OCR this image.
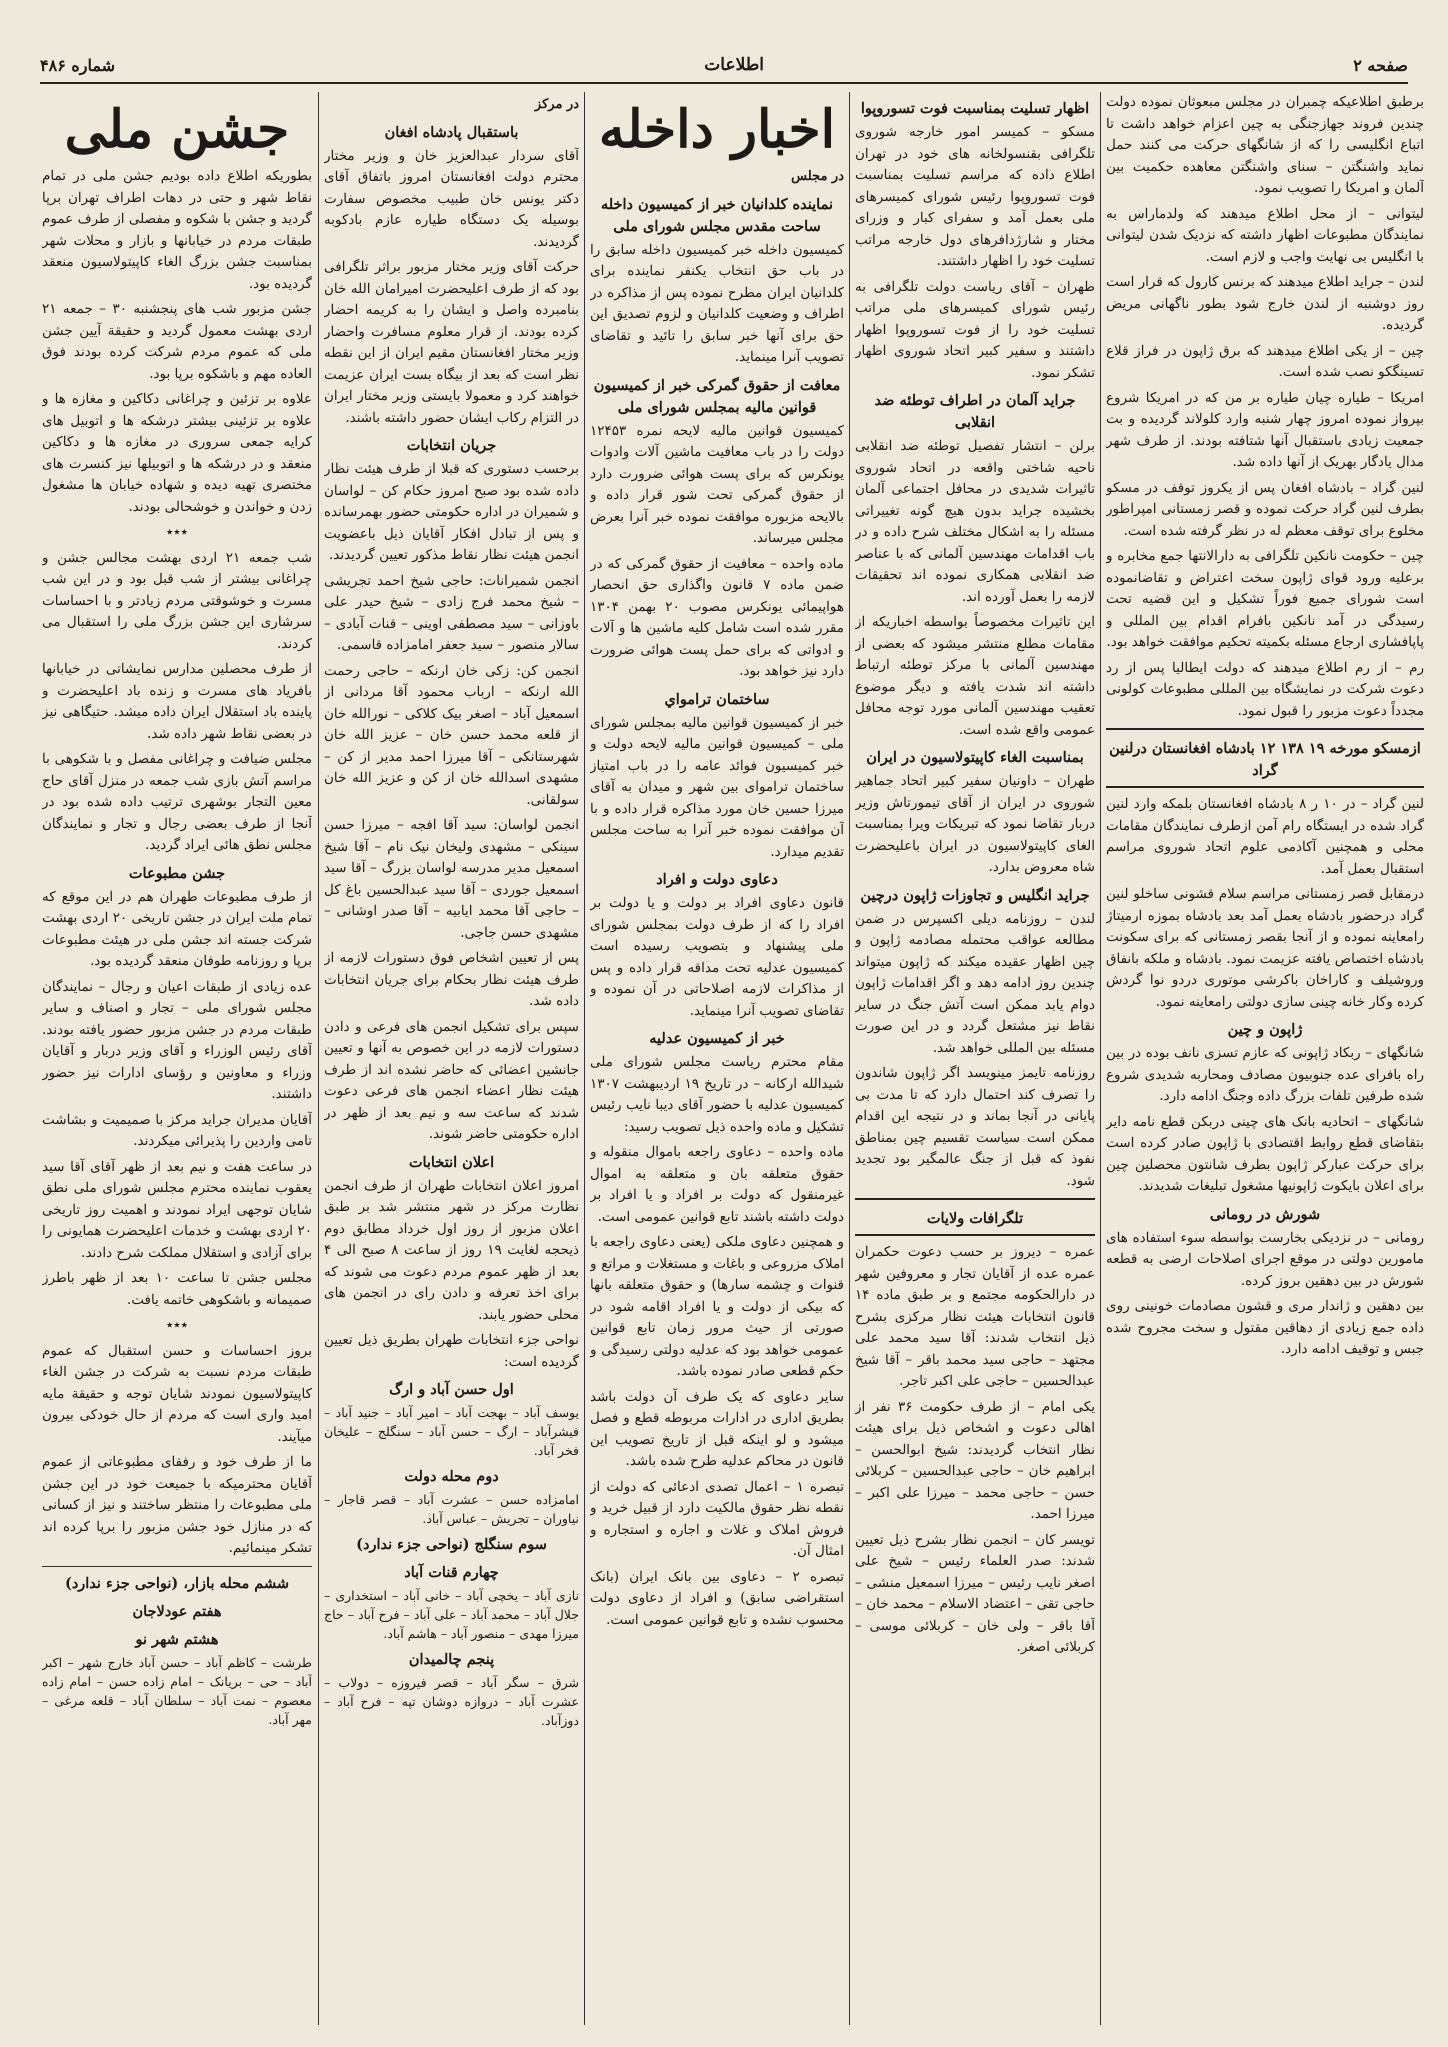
صفحه ۲
اطلاعات
شماره ۴۸۶

برطبق اطلاعیکه چمبران در مجلس مبعوثان نموده دولت چندین فروند جهازجنگی به چین اعزام خواهد داشت تا اتباع انگلیسی را که از شانگهای حرکت می کنند حمل نماید واشنگتن – سنای واشنگتن معاهده حکمیت بین آلمان و امریکا را تصویب نمود.

لیتوانی – از محل اطلاع میدهند که ولدماراس به نمایندگان مطبوعات اظهار داشته که نزدیک شدن لیتوانی با انگلیس بی نهایت واجب و لازم است.

لندن – جراید اطلاع میدهند که برنس کارول که قرار است روز دوشنبه از لندن خارج شود بطور ناگهانی مریض گردیده.

چین – از یکی اطلاع میدهند که برق ژاپون در فراز قلاع تسینگکو نصب شده است.

امریکا – طیاره چیان طیاره بر من که در امریکا شروع بپرواز نموده امروز چهار شنبه وارد کلولاند گردیده و بت جمعیت زیادی باستقبال آنها شتافته بودند. از طرف شهر مدال یادگار بهریک از آنها داده شد.

لنین گراد – بادشاه افغان پس از یکروز توقف در مسکو بطرف لنین گراد حرکت نموده و قصر زمستانی امپراطور مخلوع برای توقف معظم له در نظر گرفته شده است.

چین – حکومت نانکین تلگرافی به دارالانتها جمع مخابره و برعلیه ورود قوای ژاپون سخت اعتراض و تقاضانموده است شورای جمیع فوراً تشکیل و این قضیه تحت رسیدگی در آمد نانکین بافرام اقدام بین المللی و پاپافشاری ارجاع مسئله بکمیته تحکیم موافقت خواهد بود.

رم – از رم اطلاع میدهند که دولت ایطالیا پس از رد دعوت شرکت در نمایشگاه بین المللی مطبوعات کولونی مجدداً دعوت مزبور را قبول نمود.

ازمسکو مورخه ۱۹ ۱۳۸ ۱۲ بادشاه افغانستان درلنین گراد

لنین گراد – در ۱۰ ر ۸ بادشاه افغانستان بلمکه وارد لنین گراد شده در ایستگاه رام آمن ازطرف نمایندگان مقامات محلی و همچنین آکادمی علوم اتحاد شوروی مراسم استقبال بعمل آمد.

درمقابل قصر زمستانی مراسم سلام قشونی ساخلو لنین گراد درحضور بادشاه بعمل آمد بعد بادشاه بموزه ارمیتاژ رامعاینه نموده و از آنجا بقصر زمستانی که برای سکونت بادشاه اختصاص یافته عزیمت نمود. بادشاه و ملکه بانفاق وروشیلف و کاراخان باکرشی موتوری دردو نوا گردش کرده وکار خانه چینی سازی دولتی رامعاینه نمود.

ژاپون و چین

شانگهای – ربکاد ژاپونی که عازم تسزی نانف بوده در بین راه بافرای عده جنوبیون مصادف ومحاربه شدیدی شروع شده طرفین تلفات بزرگ داده وجنگ ادامه دارد.

شانگهای – اتحادیه بانک های چینی دربکن قطع نامه دایر بتقاضای قطع روابط اقتصادی با ژاپون صادر کرده است برای حرکت عبارکر ژاپون بطرف شانتون محصلین چین برای اعلان بایکوت ژاپونیها مشغول تبلیغات شدیدند.

شورش در رومانی

رومانی – در نزدیکی بخارست بواسطه سوء استفاده های مامورین دولتی در موقع اجرای اصلاحات ارضی به قطعه شورش در بین دهقین بروز کرده.

بین دهقین و ژاندار مری و قشون مصادمات خونینی روی داده جمع زیادی از دهاقین مقتول و سخت مجروح شده جبس و توقیف ادامه دارد.

اظهار تسلیت بمناسبت فوت تسوروپوا

مسکو – کمیسر امور خارجه شوروی تلگرافی بقنسولخانه های خود در تهران اطلاع داده که مراسم تسلیت بمناسبت فوت تسوروپوا رئیس شورای کمیسرهای ملی بعمل آمد و سفرای کبار و وزرای مختار و شارژدافرهای دول خارجه مراتب تسلیت خود را اظهار داشتند.

طهران – آقای ریاست دولت تلگرافی به رئیس شورای کمیسرهای ملی مراتب تسلیت خود را از فوت تسوروپوا اظهار داشتند و سفیر کبیر اتحاد شوروی اظهار تشکر نمود.

جراید آلمان در اطراف توطئه ضد انقلابی

برلن – انتشار تفصیل توطئه ضد انقلابی ناحیه شاختی واقعه در اتحاد شوروی تاثیرات شدیدی در محافل اجتماعی آلمان بخشیده جراید بدون هیچ گونه تغییراتی مسئله را به اشکال مختلف شرح داده و در باب اقدامات مهندسین آلمانی که با عناصر ضد انقلابی همکاری نموده اند تحقیقات لازمه را بعمل آورده اند.

این تاثیرات مخصوصاً بواسطه اخباریکه از مقامات مطلع منتشر میشود که بعضی از مهندسین آلمانی با مرکز توطئه ارتباط داشته اند شدت یافته و دیگر موضوع تعقیب مهندسین آلمانی مورد توجه محافل عمومی واقع شده است.

بمناسبت الغاء کاپیتولاسیون در ایران

طهران – داونیان سفیر کبیر اتحاد جماهیر شوروی در ایران از آقای تیمورتاش وزیر دربار تقاضا نمود که تبریکات ویرا بمناسبت الغای کاپیتولاسیون در ایران باعلیحضرت شاه معروض بدارد.

جراید انگلیس و تجاوزات ژاپون درچین

لندن – روزنامه دیلی اکسپرس در ضمن مطالعه عواقب محتمله مصادمه ژاپون و چین اظهار عقیده میکند که ژاپون میتواند چندین روز ادامه دهد و اگر اقدامات ژاپون دوام یابد ممکن است آتش جنگ در سایر نقاط نیز مشتعل گردد و در این صورت مسئله بین المللی خواهد شد.

روزنامه تایمز مینویسد اگر ژاپون شاندون را تصرف کند احتمال دارد که تا مدت بی پایانی در آنجا بماند و در نتیجه این اقدام ممکن است سیاست تقسیم چین بمناطق نفوذ که قبل از جنگ عالمگیر بود تجدید شود.

تلگرافات ولایات

عمره – دیروز بر حسب دعوت حکمران عمره عده از آقایان تجار و معروفین شهر در دارالحکومه مجتمع و بر طبق ماده ۱۴ قانون انتخابات هیئت نظار مرکزی بشرح ذیل انتخاب شدند: آقا سید محمد علی مجتهد – حاجی سید محمد باقر – آقا شیخ عبدالحسین – حاجی علی اکبر تاجر.

یکی امام – از طرف حکومت ۳۶ نفر از اهالی دعوت و اشخاص ذیل برای هیئت نظار انتخاب گردیدند: شیخ ابوالحسن – ابراهیم خان – حاجی عبدالحسین – کربلائی حسن – حاجی محمد – میرزا علی اکبر – میرزا احمد.

تویسر کان – انجمن نظار بشرح ذیل تعیین شدند: صدر العلماء رئیس – شیخ علی اصغر نایب رئیس – میرزا اسمعیل منشی – حاجی تقی – اعتضاد الاسلام – محمد خان – آقا باقر – ولی خان – کربلائی موسی – کربلائی اصغر.

اخبار داخله
در مجلس
نماینده کلدانیان خبر از کمیسیون داخله ساحت مقدس مجلس شورای ملی

کمیسیون داخله خبر کمیسیون داخله سابق را در باب حق انتخاب یکنفر نماینده برای کلدانیان ایران مطرح نموده پس از مذاکره در اطراف و وضعیت کلدانیان و لزوم تصدیق این حق برای آنها خبر سابق را تائید و تقاضای تصویب آنرا مینماید.

معافت از حقوق گمرکی خبر از کمیسیون قوانین مالیه بمجلس شورای ملی

کمیسیون قوانین مالیه لایحه نمره ۱۲۴۵۳ دولت را در باب معافیت ماشین آلات وادوات یونکرس که برای پست هوائی ضرورت دارد از حقوق گمرکی تحت شور قرار داده و بالایحه مزبوره موافقت نموده خبر آنرا بعرض مجلس میرساند.

ماده واحده – معافیت از حقوق گمرکی که در ضمن ماده ۷ قانون واگذاری حق انحصار هواپیمائی یونکرس مصوب ۲۰ بهمن ۱۳۰۴ مقرر شده است شامل کلیه ماشین ها و آلات و ادواتی که برای حمل پست هوائی ضرورت دارد نیز خواهد بود.

ساختمان ترامواي

خبر از کمیسیون قوانین مالیه بمجلس شورای ملی – کمیسیون قوانین مالیه لایحه دولت و خبر کمیسیون فوائد عامه را در باب امتیاز ساختمان تراموای بین شهر و میدان به آقای میرزا حسین خان مورد مذاکره قرار داده و با آن موافقت نموده خبر آنرا به ساحت مجلس تقدیم میدارد.

دعاوی دولت و افراد

قانون دعاوی افراد بر دولت و یا دولت بر افراد را که از طرف دولت بمجلس شورای ملی پیشنهاد و بتصویب رسیده است کمیسیون عدلیه تحت مداقه قرار داده و پس از مذاکرات لازمه اصلاحاتی در آن نموده و تقاضای تصویب آنرا مینماید.

خبر از کمیسیون عدلیه

مقام محترم ریاست مجلس شورای ملی شیدالله ارکانه – در تاریخ ۱۹ اردیبهشت ۱۳۰۷ کمیسیون عدلیه با حضور آقای دیبا نایب رئیس تشکیل و ماده واحده ذیل تصویب رسید:

ماده واحده – دعاوی راجعه باموال منقوله و حقوق متعلقه بان و متعلقه به اموال غیرمنقول که دولت بر افراد و یا افراد بر دولت داشته باشند تابع قوانین عمومی است.

و همچنین دعاوی ملکی (یعنی دعاوی راجعه با املاک مزروعی و باغات و مستغلات و مراتع و قنوات و چشمه سارها) و حقوق متعلقه بانها که بیکی از دولت و یا افراد اقامه شود در صورتی از حیث مرور زمان تابع قوانین عمومی خواهد بود که عدلیه دولتی رسیدگی و حکم قطعی صادر نموده باشد.

سایر دعاوی که یک طرف آن دولت باشد بطریق اداری در ادارات مربوطه قطع و فصل میشود و لو اینکه قبل از تاریخ تصویب این قانون در محاکم عدلیه طرح شده باشد.

تبصره ۱ – اعمال تصدی ادعائی که دولت از نقطه نظر حقوق مالکیت دارد از قبیل خرید و فروش املاک و غلات و اجاره و استجاره و امثال آن.

تبصره ۲ – دعاوی بین بانک ایران (بانک استقراضی سابق) و افراد از دعاوی دولت محسوب نشده و تابع قوانین عمومی است.

در مرکز
باستقبال پادشاه افغان

آقای سردار عبدالعزیز خان و وزیر مختار محترم دولت افغانستان امروز باتفاق آقای دکتر یونس خان طبیب مخصوص سفارت بوسیله یک دستگاه طیاره عازم بادکوبه گردیدند.

حرکت آقای وزیر مختار مزبور براثر تلگرافی بود که از طرف اعلیحضرت امیرامان الله خان بنامبرده واصل و ایشان را به کریمه احضار کرده بودند. از قرار معلوم مسافرت واحضار وزیر مختار افغانستان مقیم ایران از این نقطه نظر است که بعد از بیگاه بست ایران عزیمت خواهند کرد و معمولا بایستی وزیر مختار ایران در التزام رکاب ایشان حضور داشته باشند.

جریان انتخابات

برحسب دستوری که قبلا از طرف هیئت نظار داده شده بود صبح امروز حکام کن – لواسان و شمیران در اداره حکومتی حضور بهمرسانده و پس از تبادل افکار آقایان ذیل باعضویت انجمن هیئت نظار نقاط مذکور تعیین گردیدند.

انجمن شمیرانات: حاجی شیخ احمد تجریشی – شیخ محمد فرج زادی – شیخ حیدر علی باوزانی – سید مصطفی اوینی – قنات آبادی – سالار منصور – سید جعفر امامزاده قاسمی.

انجمن کن: زکی خان ارنکه – حاجی رحمت الله ارنکه – ارباب محمود آقا مردانی از اسمعیل آباد – اصغر بیک کلاکی – نورالله خان از قلعه محمد حسن خان – عزیز الله خان شهرستانکی – آقا میرزا احمد مدیر از کن – مشهدی اسدالله خان از کن و عزیز الله خان سولقانی.

انجمن لواسان: سید آقا افجه – میرزا حسن سینکی – مشهدی ولیخان نیک نام – آقا شیخ اسمعیل مدیر مدرسه لواسان بزرگ – آقا سید اسمعیل جوردی – آقا سید عبدالحسین باغ کل – حاجی آقا محمد ایابیه – آقا صدر اوشانی – مشهدی حسن جاجی.

پس از تعیین اشخاص فوق دستورات لازمه از طرف هیئت نظار بحکام برای جریان انتخابات داده شد.

سپس برای تشکیل انجمن های فرعی و دادن دستورات لازمه در این خصوص به آنها و تعیین جانشین اعضائی که حاضر نشده اند از طرف هیئت نظار اعضاء انجمن های فرعی دعوت شدند که ساعت سه و نیم بعد از ظهر در اداره حکومتی حاضر شوند.

اعلان انتخابات

امروز اعلان انتخابات طهران از طرف انجمن نظارت مرکز در شهر منتشر شد بر طبق اعلان مزبور از روز اول خرداد مطابق دوم ذیحجه لغایت ۱۹ روز از ساعت ۸ صبح الی ۴ بعد از ظهر عموم مردم دعوت می شوند که برای اخذ تعرفه و دادن رای در انجمن های محلی حضور یابند.

نواحی جزء انتخابات طهران بطریق ذیل تعیین گردیده است:

اول حسن آباد و ارگ

یوسف آباد – بهجت آباد – امیر آباد – جنید آباد – فیشرآباد – ارگ – حسن آباد – سنگلج – علیخان فخر آباد.

دوم محله دولت

امامزاده حسن – عشرت آباد – قصر قاجار – نیاوران – تجریش – عباس آباد.

سوم سنگلج (نواحی جزء ندارد)
چهارم قنات آباد

نازی آباد – یخچی آباد – خانی آباد – استخداری – جلال آباد – محمد آباد – علی آباد – فرح آباد – حاج میرزا مهدی – منصور آباد – هاشم آباد.

پنجم چالمیدان

شرق – سگر آباد – قصر فیروزه – دولاب – عشرت آباد – دروازه دوشان تپه – فرح آباد – دوزآباد.

جشن ملی

بطوریکه اطلاع داده بودیم جشن ملی در تمام نقاط شهر و حتی در دهات اطراف تهران برپا گردید و جشن با شکوه و مفصلی از طرف عموم طبقات مردم در خیابانها و بازار و محلات شهر بمناسبت جشن بزرگ الغاء کاپیتولاسیون منعقد گردیده بود.

جشن مزبور شب های پنجشنبه ۳۰ – جمعه ۲۱ اردی بهشت معمول گردید و حقیقة آیین جشن ملی که عموم مردم شرکت کرده بودند فوق العاده مهم و باشکوه برپا بود.

علاوه بر تزئین و چراغانی دکاکین و مغازه ها و علاوه بر تزئینی بیشتر درشکه ها و اتوبیل های کرایه جمعی سروری در مغازه ها و دکاکین منعقد و در درشکه ها و اتوبیلها نیز کنسرت های مختصری تهیه دیده و شهاده خیابان ها مشغول زدن و خواندن و خوشحالی بودند.

٭٭٭

شب جمعه ۲۱ اردی بهشت مجالس جشن و چراغانی بیشتر از شب قبل بود و در این شب مسرت و خوشوقتی مردم زیادتر و با احساسات سرشاری این جشن بزرگ ملی را استقبال می کردند.

از طرف محصلین مدارس نمایشاتی در خیابانها بافریاد های مسرت و زنده باد اعلیحضرت و پاینده باد استقلال ایران داده میشد. حتیگاهی نیز در بعضی نقاط شهر داده شد.

مجلس ضیافت و چراغانی مفصل و با شکوهی با مراسم آتش بازی شب جمعه در منزل آقای حاج معین التجار بوشهری ترتیب داده شده بود در آنجا از طرف بعضی رجال و تجار و نمایندگان مجلس نطق هائی ایراد گردید.

جشن مطبوعات

از طرف مطبوعات طهران هم در این موقع که تمام ملت ایران در جشن تاریخی ۲۰ اردی بهشت شرکت جسته اند جشن ملی در هیئت مطبوعات برپا و روزنامه طوفان منعقد گردیده بود.

عده زیادی از طبقات اعیان و رجال – نمایندگان مجلس شورای ملی – تجار و اصناف و سایر طبقات مردم در جشن مزبور حضور یافته بودند. آقای رئیس الوزراء و آقای وزیر دربار و آقایان وزراء و معاونین و رؤسای ادارات نیز حضور داشتند.

آقایان مدیران جراید مرکز با صمیمیت و بشاشت تامی واردین را پذیرائی میکردند.

در ساعت هفت و نیم بعد از ظهر آقای آقا سید یعقوب نماینده محترم مجلس شورای ملی نطق شایان توجهی ایراد نمودند و اهمیت روز تاریخی ۲۰ اردی بهشت و خدمات اعلیحضرت همایونی را برای آزادی و استقلال مملکت شرح دادند.

مجلس جشن تا ساعت ۱۰ بعد از ظهر باطرز صمیمانه و باشکوهی خاتمه یافت.

٭٭٭

بروز احساسات و حسن استقبال که عموم طبقات مردم نسبت به شرکت در جشن الغاء کاپیتولاسیون نمودند شایان توجه و حقیقة مایه امید واری است که مردم از حال خودکی بیرون میآیند.

ما از طرف خود و رفقای مطبوعاتی از عموم آقایان محترمیکه با جمیعت خود در این جشن ملی مطبوعات را منتظر ساختند و نیز از کسانی که در منازل خود جشن مزبور را برپا کرده اند تشکر مینمائیم.

ششم محله بازار، (نواحی جزء ندارد)
هفتم عودلاجان
هشتم شهر نو

طرشت – کاظم آباد – حسن آباد خارج شهر – اکبر آباد – حی – بریانک – امام زاده حسن – امام زاده معصوم – نمت آباد – سلطان آباد – قلعه مرغی – مهر آباد.
